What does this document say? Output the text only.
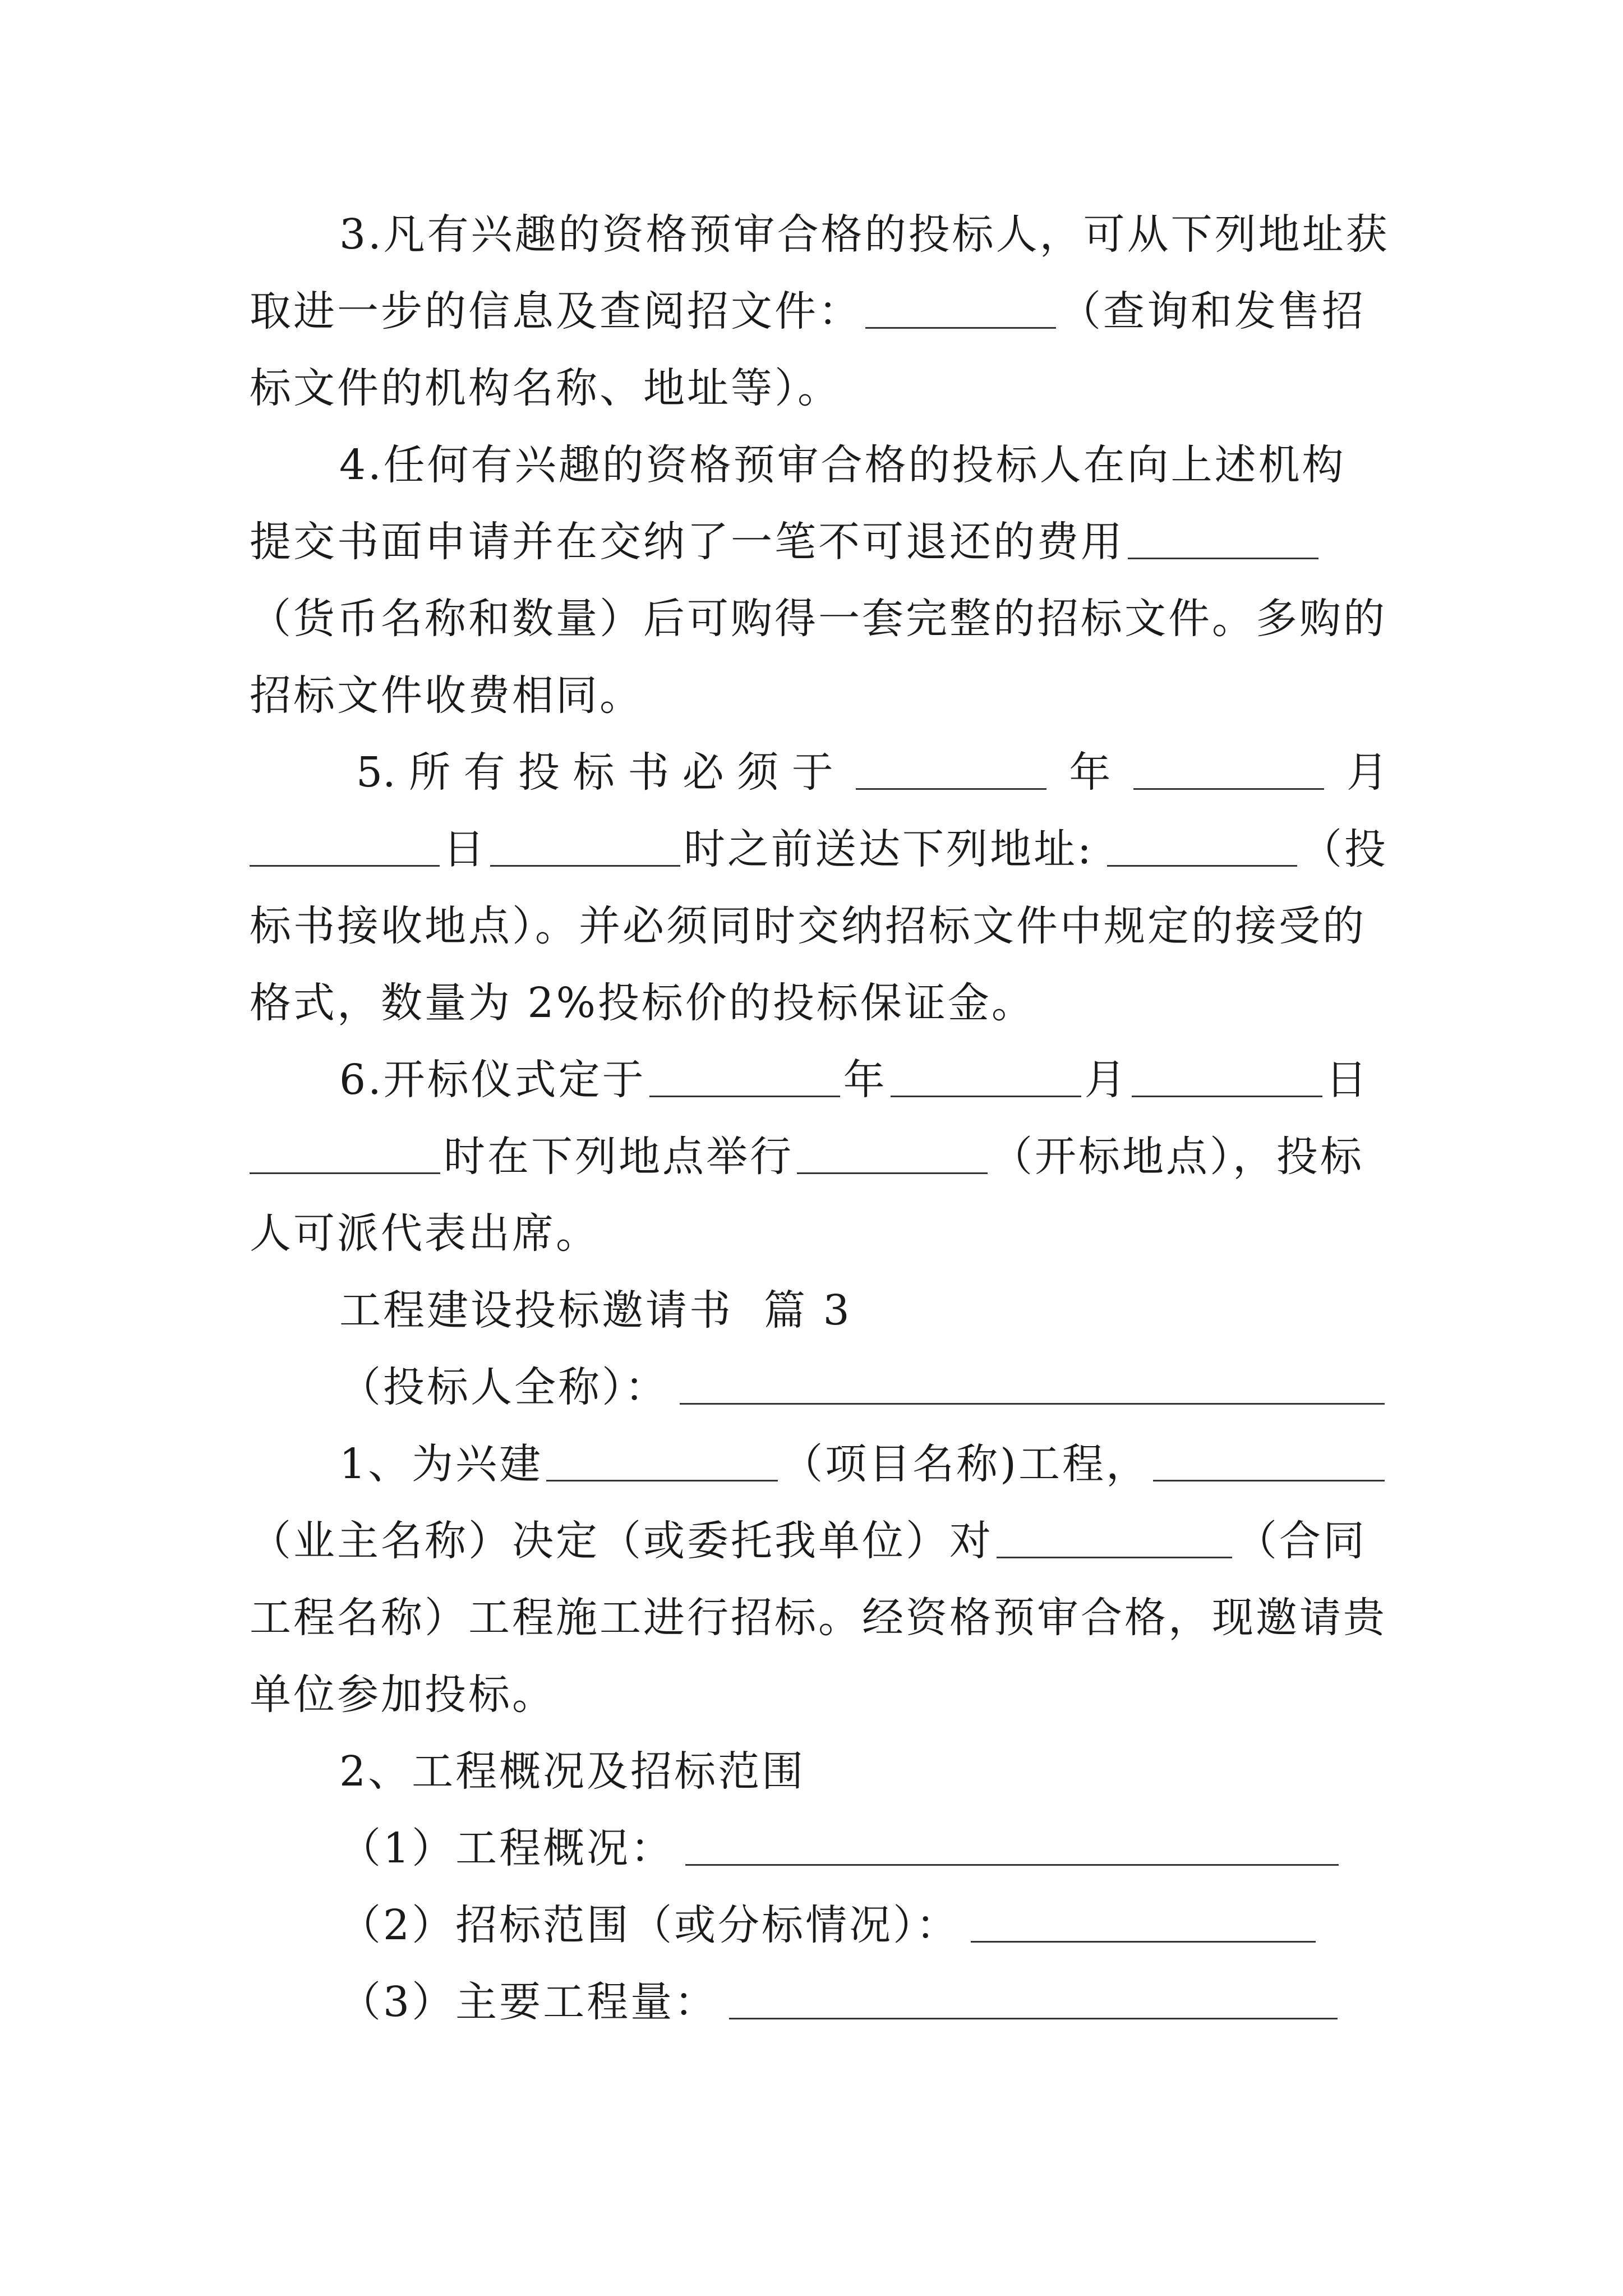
3.凡有兴趣的资格预审合格的投标人，可从下列地址获
取进一步的信息及查阅招文件：	（查询和发售招
标文件的机构名称、地址等）。
4.任何有兴趣的资格预审合格的投标人在向上述机构
提交书面申请并在交纳了一笔不可退还的费用
（货币名称和数量）后可购得一套完整的招标文件。多购的
招标文件收费相同。
5. 所 有 投 标 书 必 须 于	年	月
日	时之前送达下列地址:	（投
标书接收地点）。并必须同时交纳招标文件中规定的接受的
格式，数量为 2%投标价的投标保证金。
6.开标仪式定于	年	月	日
时在下列地点举行	（开标地点），投标
人可派代表出席。
工程建设投标邀请书  篇 3
（投标人全称）：
1、为兴建	（项目名称)工程，
（业主名称）决定（或委托我单位）对	（合同
工程名称）工程施工进行招标。经资格预审合格，现邀请贵
单位参加投标。
2、工程概况及招标范围
（1）工程概况：
（2）招标范围（或分标情况）：
（3）主要工程量：
